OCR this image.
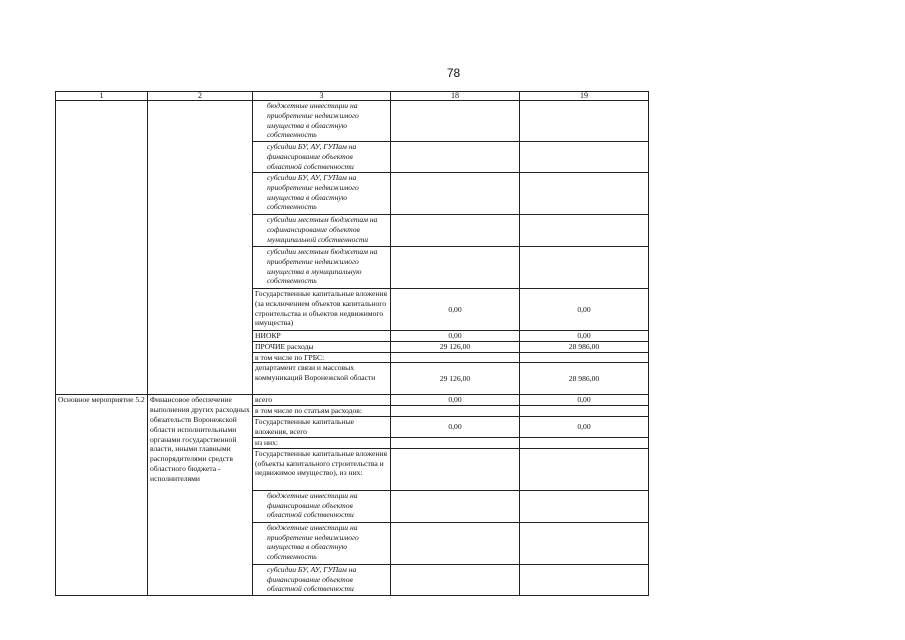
78
1	2	3	18	19
		бюджетные инвестиции на приобретение недвижимого имущества в областную собственность		
		субсидии БУ, АУ, ГУПам на финансирование объектов областной собственности		
		субсидии БУ, АУ, ГУПам на приобретение недвижимого имущества в областную собственность		
		субсидии местным бюджетам на софинансирование объектов муниципальной собственности		
		субсидии местным бюджетам на приобретение недвижимого имущества в муниципальную собственность		
		Государственные капитальные вложения (за исключением объектов капитального строительства и объектов недвижимого имущества)	0,00	0,00
		НИОКР	0,00	0,00
		ПРОЧИЕ расходы	29 126,00	28 986,00
		в том числе по ГРБС:		
		департамент связи и массовых коммуникаций Воронежской области	29 126,00	28 986,00
Основное мероприятие 5.2	Финансовое обеспечение выполнения других расходных обязательств Воронежской области исполнительными органами государственной власти, иными главными распорядителями средств областного бюджета - исполнителями	всего	0,00	0,00
		в том числе по статьям расходов:		
		Государственные капитальные вложения, всего	0,00	0,00
		из них:		
		Государственные капитальные вложения (объекты капитального строительства и недвижимое имущество), из них:		
		бюджетные инвестиции на финансирование объектов областной собственности		
		бюджетные инвестиции на приобретение недвижимого имущества в областную собственность		
		субсидии БУ, АУ, ГУПам на финансирование объектов областной собственности		
